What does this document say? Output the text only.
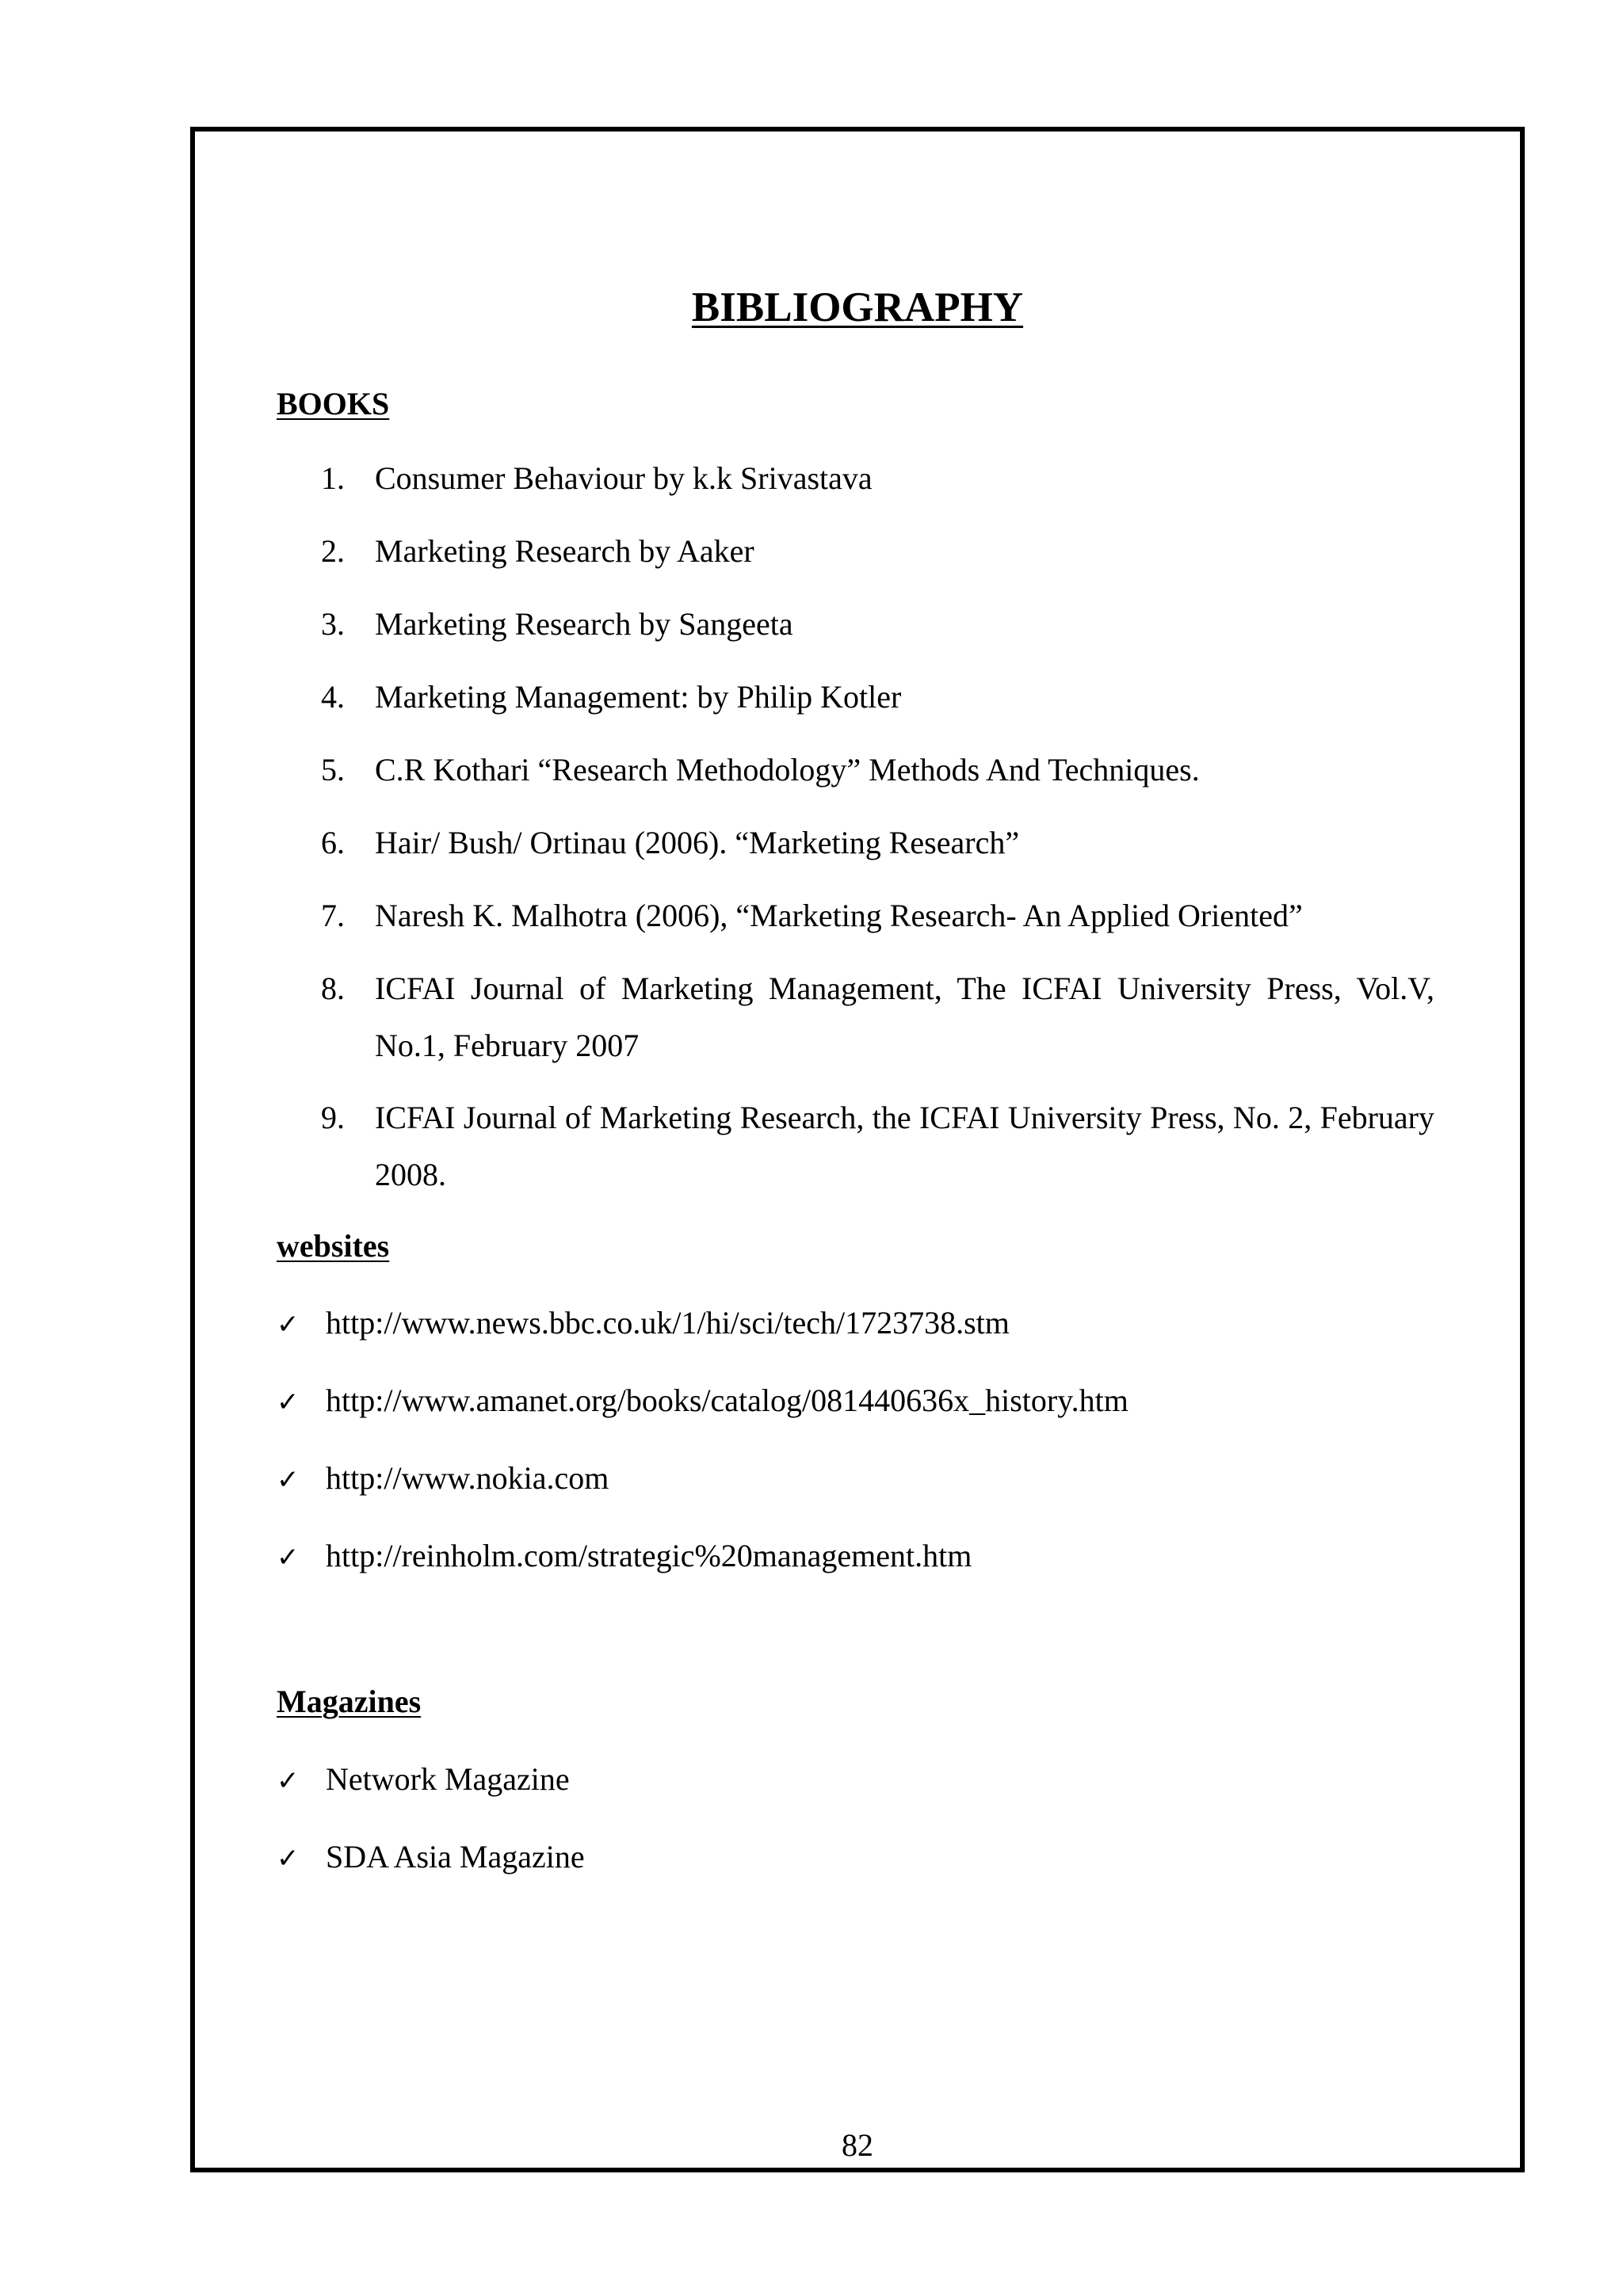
BIBLIOGRAPHY
BOOKS
1. Consumer Behaviour by k.k Srivastava
2. Marketing Research by Aaker
3. Marketing Research by Sangeeta
4. Marketing Management: by Philip Kotler
5. C.R Kothari “Research Methodology” Methods And Techniques.
6. Hair/ Bush/ Ortinau (2006). “Marketing Research”
7. Naresh K. Malhotra (2006), “Marketing Research- An Applied Oriented”
8. ICFAI Journal of Marketing Management, The ICFAI University Press, Vol.V, No.1, February 2007
9. ICFAI Journal of Marketing Research, the ICFAI University Press, No. 2, February 2008.
websites
✓ http://www.news.bbc.co.uk/1/hi/sci/tech/1723738.stm
✓ http://www.amanet.org/books/catalog/081440636x_history.htm
✓ http://www.nokia.com
✓ http://reinholm.com/strategic%20management.htm
Magazines
✓ Network Magazine
✓ SDA Asia Magazine
82
